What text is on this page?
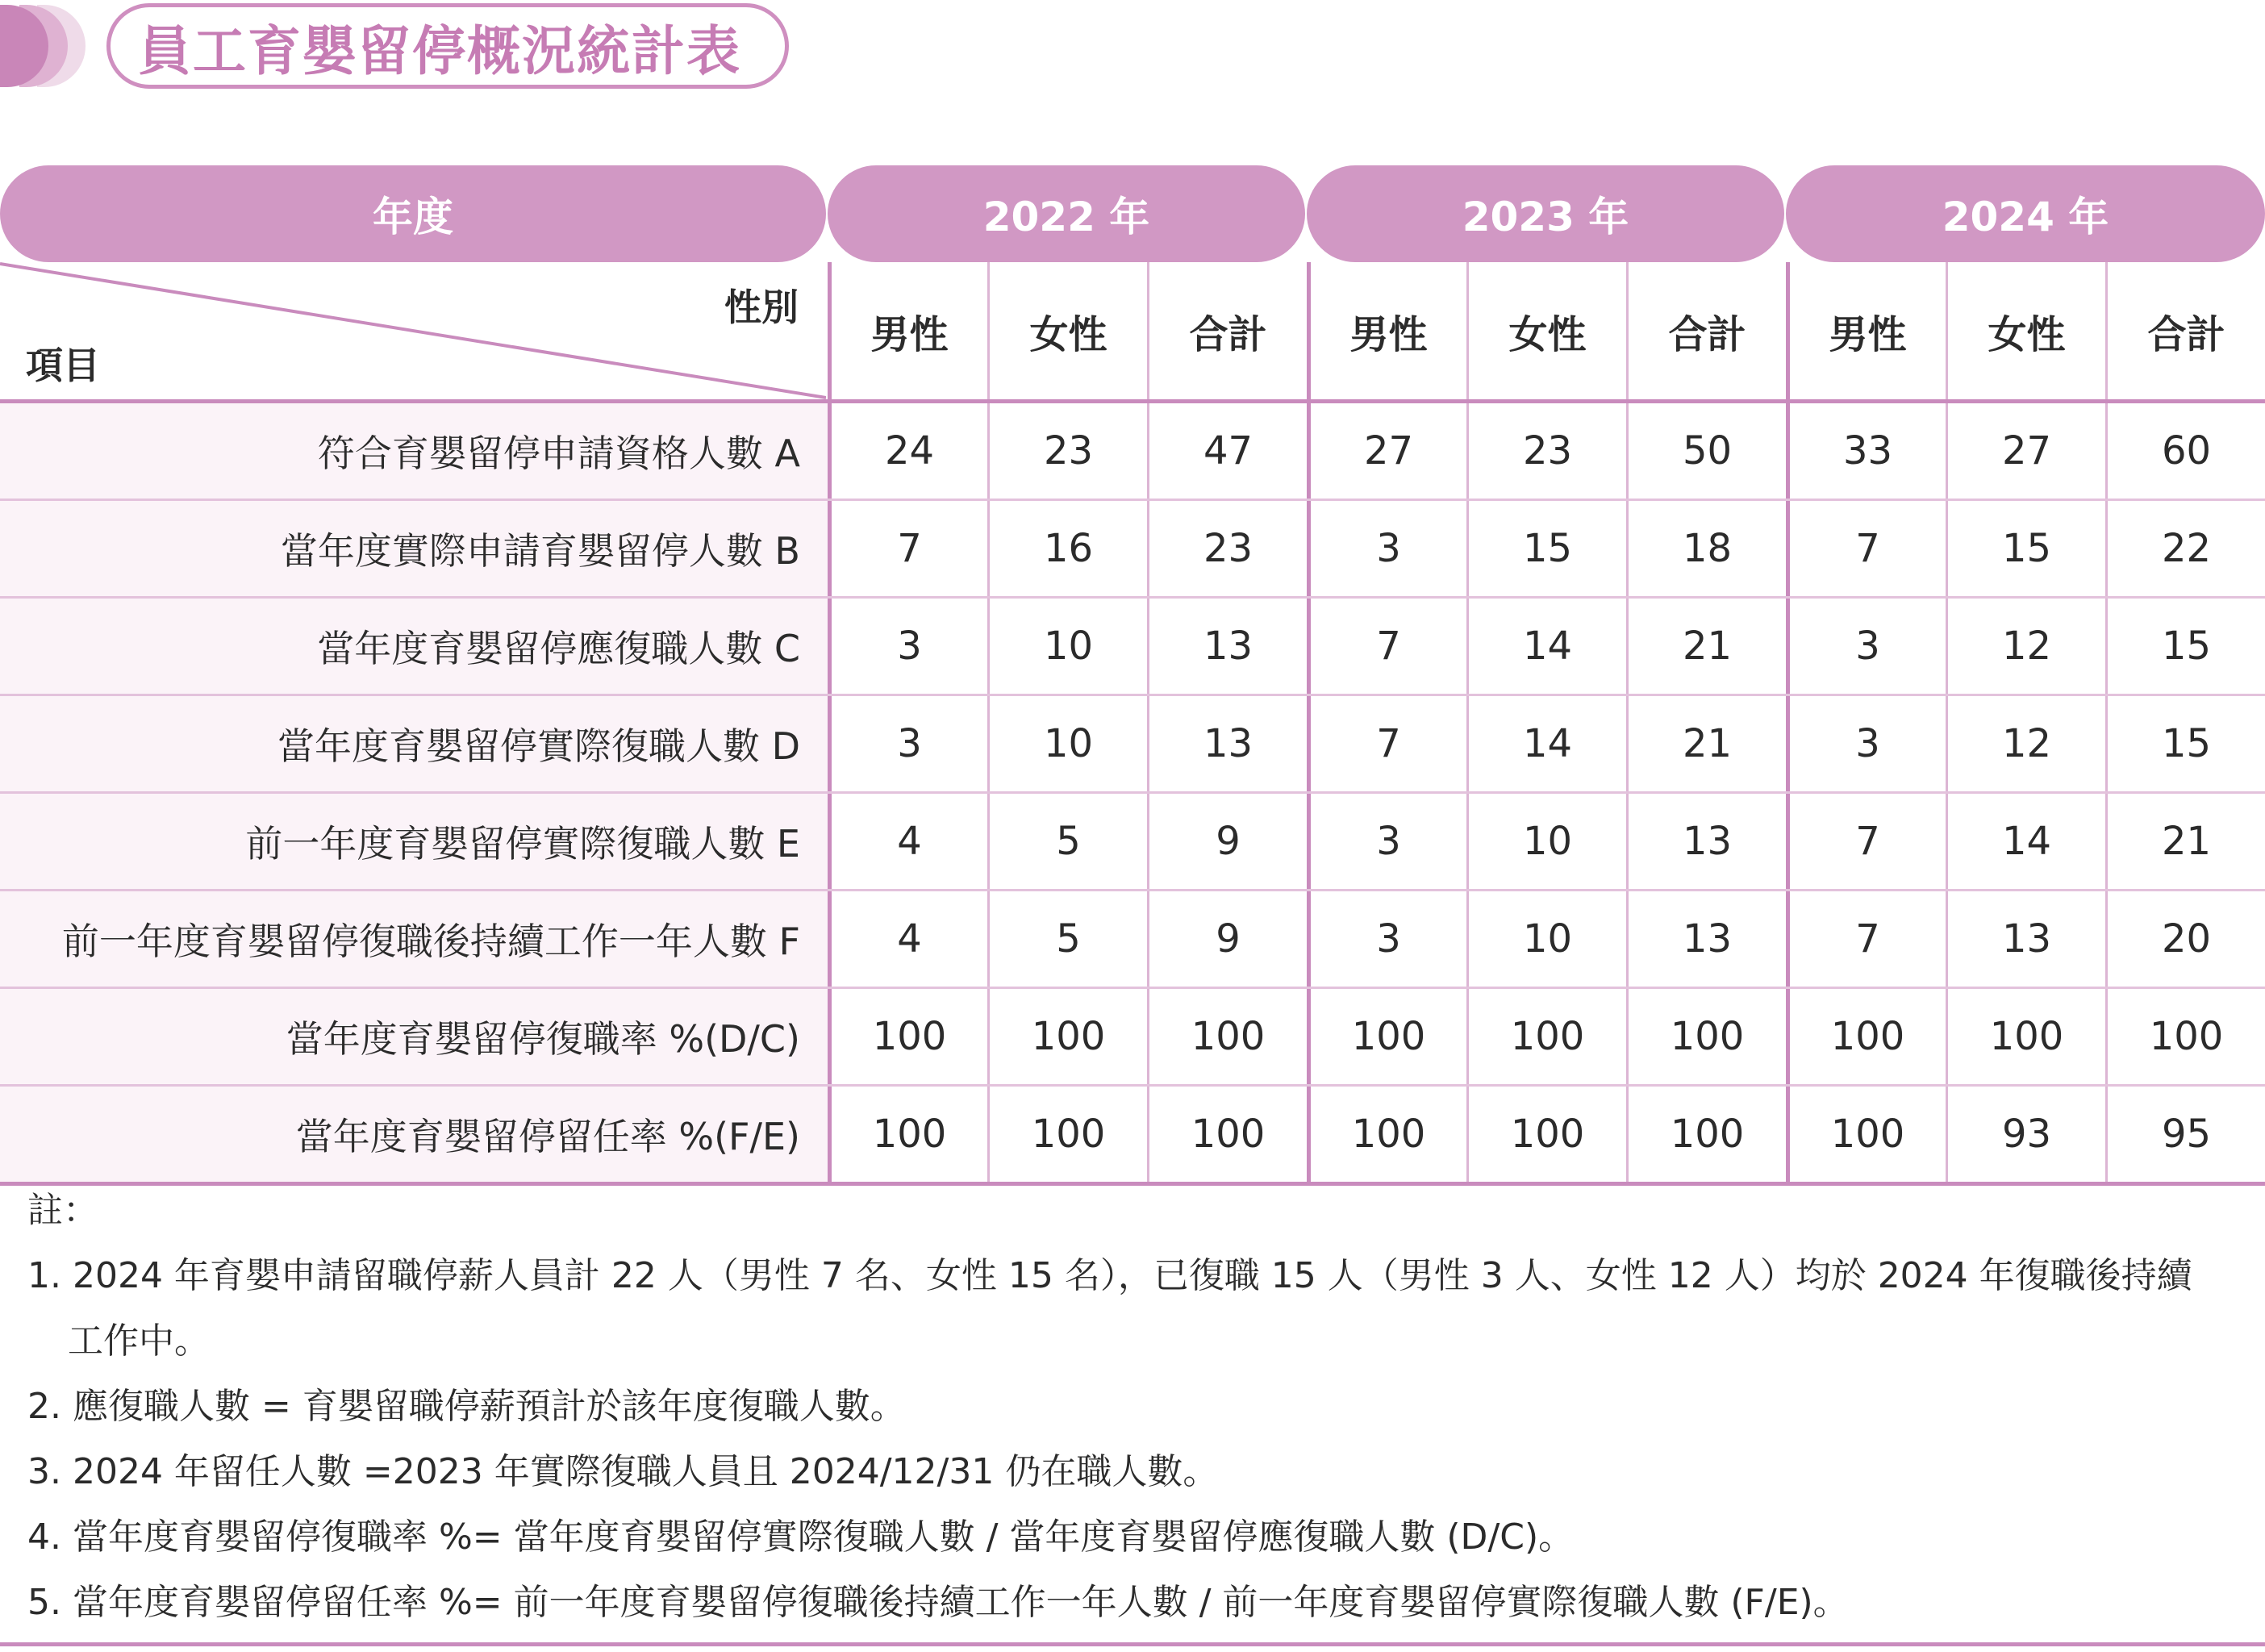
員工育嬰留停概況統計表
年度	2022 年	2023 年	2024 年
性別
項目
男性	女性	合計	男性	女性	合計	男性	女性	合計
符合育嬰留停申請資格人數 A	24	23	47	27	23	50	33	27	60
當年度實際申請育嬰留停人數 B	7	16	23	3	15	18	7	15	22
當年度育嬰留停應復職人數 C	3	10	13	7	14	21	3	12	15
當年度育嬰留停實際復職人數 D	3	10	13	7	14	21	3	12	15
前一年度育嬰留停實際復職人數 E	4	5	9	3	10	13	7	14	21
前一年度育嬰留停復職後持續工作一年人數 F	4	5	9	3	10	13	7	13	20
當年度育嬰留停復職率 %(D/C)	100	100	100	100	100	100	100	100	100
當年度育嬰留停留任率 %(F/E)	100	100	100	100	100	100	100	93	95
註：
1. 2024 年育嬰申請留職停薪人員計 22 人（男性 7 名、女性 15 名），已復職 15 人（男性 3 人、女性 12 人）均於 2024 年復職後持續
工作中。
2. 應復職人數 = 育嬰留職停薪預計於該年度復職人數。
3. 2024 年留任人數 =2023 年實際復職人員且 2024/12/31 仍在職人數。
4. 當年度育嬰留停復職率 %= 當年度育嬰留停實際復職人數 / 當年度育嬰留停應復職人數 (D/C)。
5. 當年度育嬰留停留任率 %= 前一年度育嬰留停復職後持續工作一年人數 / 前一年度育嬰留停實際復職人數 (F/E)。
